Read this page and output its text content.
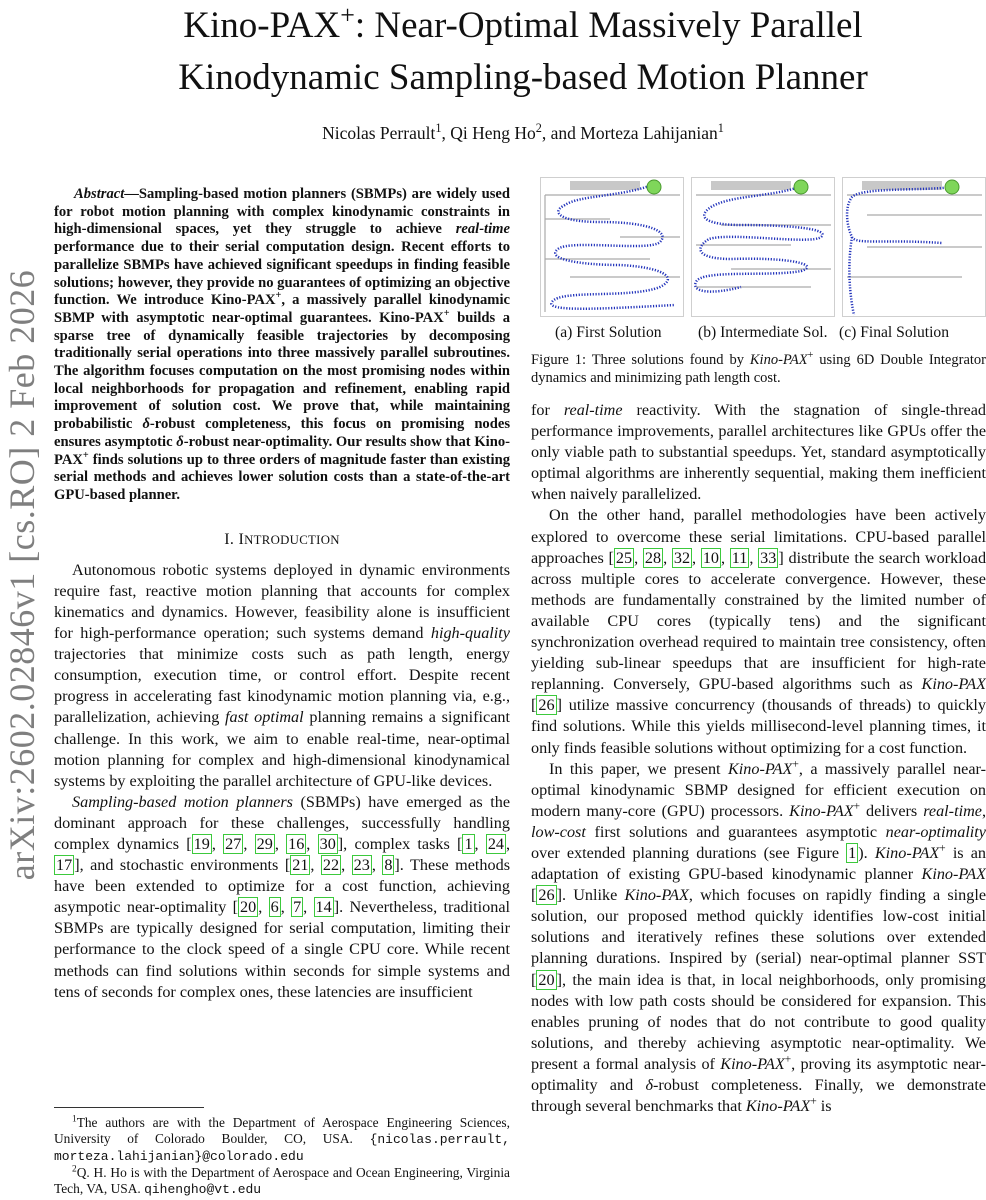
Kino-PAX+: Near-Optimal Massively Parallel
Kinodynamic Sampling-based Motion Planner
Nicolas Perrault$^1$, Qi Heng Ho$^2$, and Morteza Lahijanian$^1$
arXiv:2602.02846v1 [cs.RO] 2 Feb 2026

Abstract—Sampling-based motion planners (SBMPs) are widely used for robot motion planning with complex kinodynamic constraints in high-dimensional spaces, yet they struggle to achieve real-time performance due to their serial computation design. Recent efforts to parallelize SBMPs have achieved significant speedups in finding feasible solutions; however, they provide no guarantees of optimizing an objective function. We introduce Kino-PAX+, a massively parallel kinodynamic SBMP with asymptotic near-optimal guarantees. Kino-PAX+ builds a sparse tree of dynamically feasible trajectories by decomposing traditionally serial operations into three massively parallel subroutines. The algorithm focuses computation on the most promising nodes within local neighborhoods for propagation and refinement, enabling rapid improvement of solution cost. We prove that, while maintaining probabilistic δ-robust completeness, this focus on promising nodes ensures asymptotic δ-robust near-optimality. Our results show that Kino-PAX+ finds solutions up to three orders of magnitude faster than existing serial methods and achieves lower solution costs than a state-of-the-art GPU-based planner.

I. INTRODUCTION

Autonomous robotic systems deployed in dynamic environments require fast, reactive motion planning that accounts for complex kinematics and dynamics. However, feasibility alone is insufficient for high-performance operation; such systems demand high-quality trajectories that minimize costs such as path length, energy consumption, execution time, or control effort. Despite recent progress in accelerating fast kinodynamic motion planning via, e.g., parallelization, achieving fast optimal planning remains a significant challenge. In this work, we aim to enable real-time, near-optimal motion planning for complex and high-dimensional kinodynamical systems by exploiting the parallel architecture of GPU-like devices.

Sampling-based motion planners (SBMPs) have emerged as the dominant approach for these challenges, successfully handling complex dynamics [ 19 , 27 , 29 , 16 , 30 ], complex tasks [ 1 , 24 , 17 ], and stochastic environments [ 21 , 22 , 23 , 8 ]. These methods have been extended to optimize for a cost function, achieving asympotic near-optimality [ 20 , 6 , 7 , 14 ]. Nevertheless, traditional SBMPs are typically designed for serial computation, limiting their performance to the clock speed of a single CPU core. While recent methods can find solutions within seconds for simple systems and tens of seconds for complex ones, these latencies are insufficient

$^1$The authors are with the Department of Aerospace Engineering Sciences, University of Colorado Boulder, CO, USA. {nicolas.perrault, morteza.lahijanian}@colorado.edu

$^2$Q. H. Ho is with the Department of Aerospace and Ocean Engineering, Virginia Tech, VA, USA. qihengho@vt.edu

(a) First Solution (b) Intermediate Sol. (c) Final Solution
Figure 1: Three solutions found by Kino-PAX+ using 6D Double Integrator dynamics and minimizing path length cost.

for real-time reactivity. With the stagnation of single-thread performance improvements, parallel architectures like GPUs offer the only viable path to substantial speedups. Yet, standard asymptotically optimal algorithms are inherently sequential, making them inefficient when naively parallelized.

On the other hand, parallel methodologies have been actively explored to overcome these serial limitations. CPU-based parallel approaches [ 25 , 28 , 32 , 10 , 11 , 33 ] distribute the search workload across multiple cores to accelerate convergence. However, these methods are fundamentally constrained by the limited number of available CPU cores (typically tens) and the significant synchronization overhead required to maintain tree consistency, often yielding sub-linear speedups that are insufficient for high-rate replanning. Conversely, GPU-based algorithms such as Kino-PAX [ 26 ] utilize massive concurrency (thousands of threads) to quickly find solutions. While this yields millisecond-level planning times, it only finds feasible solutions without optimizing for a cost function.

In this paper, we present Kino-PAX+, a massively parallel near-optimal kinodynamic SBMP designed for efficient execution on modern many-core (GPU) processors. Kino-PAX+ delivers real-time, low-cost first solutions and guarantees asymptotic near-optimality over extended planning durations (see Figure 1 ). Kino-PAX+ is an adaptation of existing GPU-based kinodynamic planner Kino-PAX [ 26 ]. Unlike Kino-PAX, which focuses on rapidly finding a single solution, our proposed method quickly identifies low-cost initial solutions and iteratively refines these solutions over extended planning durations. Inspired by (serial) near-optimal planner SST [ 20 ], the main idea is that, in local neighborhoods, only promising nodes with low path costs should be considered for expansion. This enables pruning of nodes that do not contribute to good quality solutions, and thereby achieving asymptotic near-optimality. We present a formal analysis of Kino-PAX+, proving its asymptotic near-optimality and δ-robust completeness. Finally, we demonstrate through several benchmarks that Kino-PAX+ is
